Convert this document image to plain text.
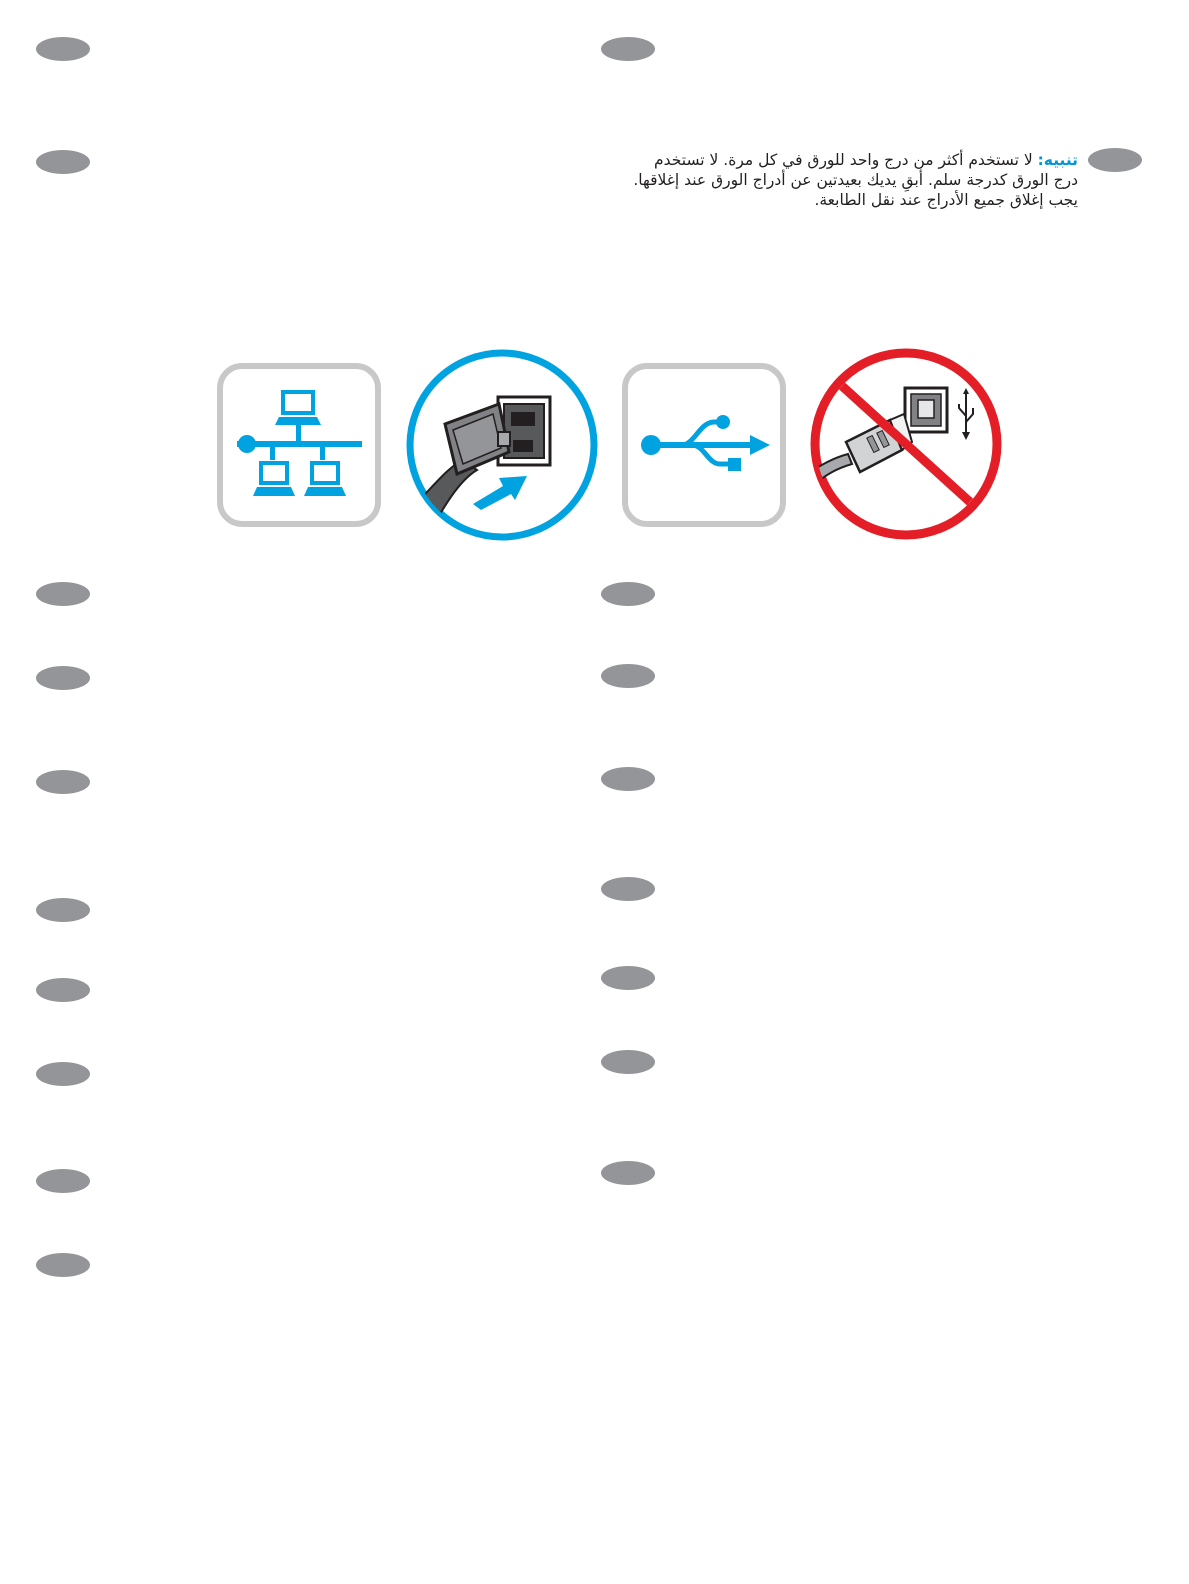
تنبيه: لا تستخدم أكثر من درج واحد للورق في كل مرة. لا تستخدم

درج الورق كدرجة سلم. أبقِ يديك بعيدتين عن أدراج الورق عند إغلاقها.

يجب إغلاق جميع الأدراج عند نقل الطابعة.
